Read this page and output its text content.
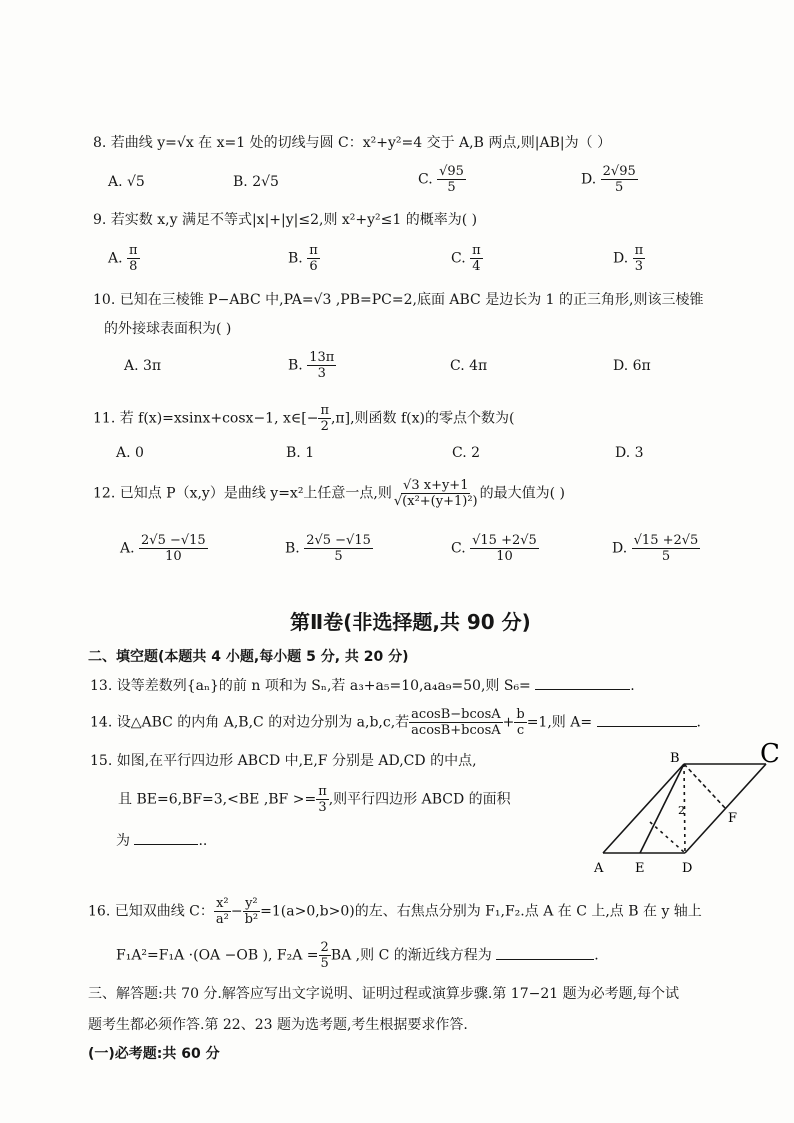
8. 若曲线 y=√x 在 x=1 处的切线与圆 C：x²+y²=4 交于 A,B 两点,则|AB|为（ ）
A. √5	B. 2√5	C. $\frac{√95}{5}$	D. $\frac{2√95}{5}$
9. 若实数 x,y 满足不等式|x|+|y|≤2,则 x²+y²≤1 的概率为( )
A. $\frac{\pi}{8}$	B. $\frac{\pi}{6}$	C. $\frac{\pi}{4}$	D. $\frac{\pi}{3}$
10. 已知在三棱锥 P−ABC 中,PA=√3 ,PB=PC=2,底面 ABC 是边长为 1 的正三角形,则该三棱锥
的外接球表面积为( )
A. 3π	B. $\frac{13\pi}{3}$	C. 4π	D. 6π
11. 若 f(x)=xsinx+cosx−1, x∈[− $\frac{\pi}{2} ,\pi$],则函数 f(x)的零点个数为(
A. 0	B. 1	C. 2	D. 3
12. 已知点 P（x,y）是曲线 y=x²上任意一点,则 $\frac{√3 x+y+1}{\text{√(x²+(y+1)²)}}$ 的最大值为( )
A. $\frac{2√5 -√15}{10}$	B. $\frac{2√5 -√15}{5}$	C. $\frac{√15 +2√5}{10}$	D. $\frac{√15 +2√5}{5}$
第Ⅱ卷(非选择题,共 90 分)
二、填空题(本题共 4 小题,每小题 5 分, 共 20 分)
13. 设等差数列{aₙ}的前 n 项和为 Sₙ,若 a₃+a₅=10,a₄a₉=50,则 S₆=	.
14. 设△ABC 的内角 A,B,C 的对边分别为 a,b,c,若 $\frac{acosB-bcosA}{acosB+bcosA} + \frac{b}{c} =1$,则 A=	.
15. 如图,在平行四边形 ABCD 中,E,F 分别是 AD,CD 的中点,
且 BE=6,BF=3,<BE $,BF >= \frac{\pi}{3}$ ,则平行四边形 ABCD 的面积
为	..
B	C
A E	D
F
2
16. 已知双曲线 C： $\frac{\text{x²}}{\text{a²}} - \frac{\text{y²}}{\text{b²}} =1(a>0,b>0)$的左、右焦点分别为 F₁,F₂.点 A 在 C 上,点 B 在 y 轴上
F₁A²=F₁A ·(OA −OB ), $F_2A = \frac{2}{5}$ BA ,则 C 的渐近线方程为	.
三、解答题:共 70 分.解答应写出文字说明、证明过程或演算步骤.第 17−21 题为必考题,每个试
题考生都必须作答.第 22、23 题为选考题,考生根据要求作答.
(一)必考题:共 60 分
